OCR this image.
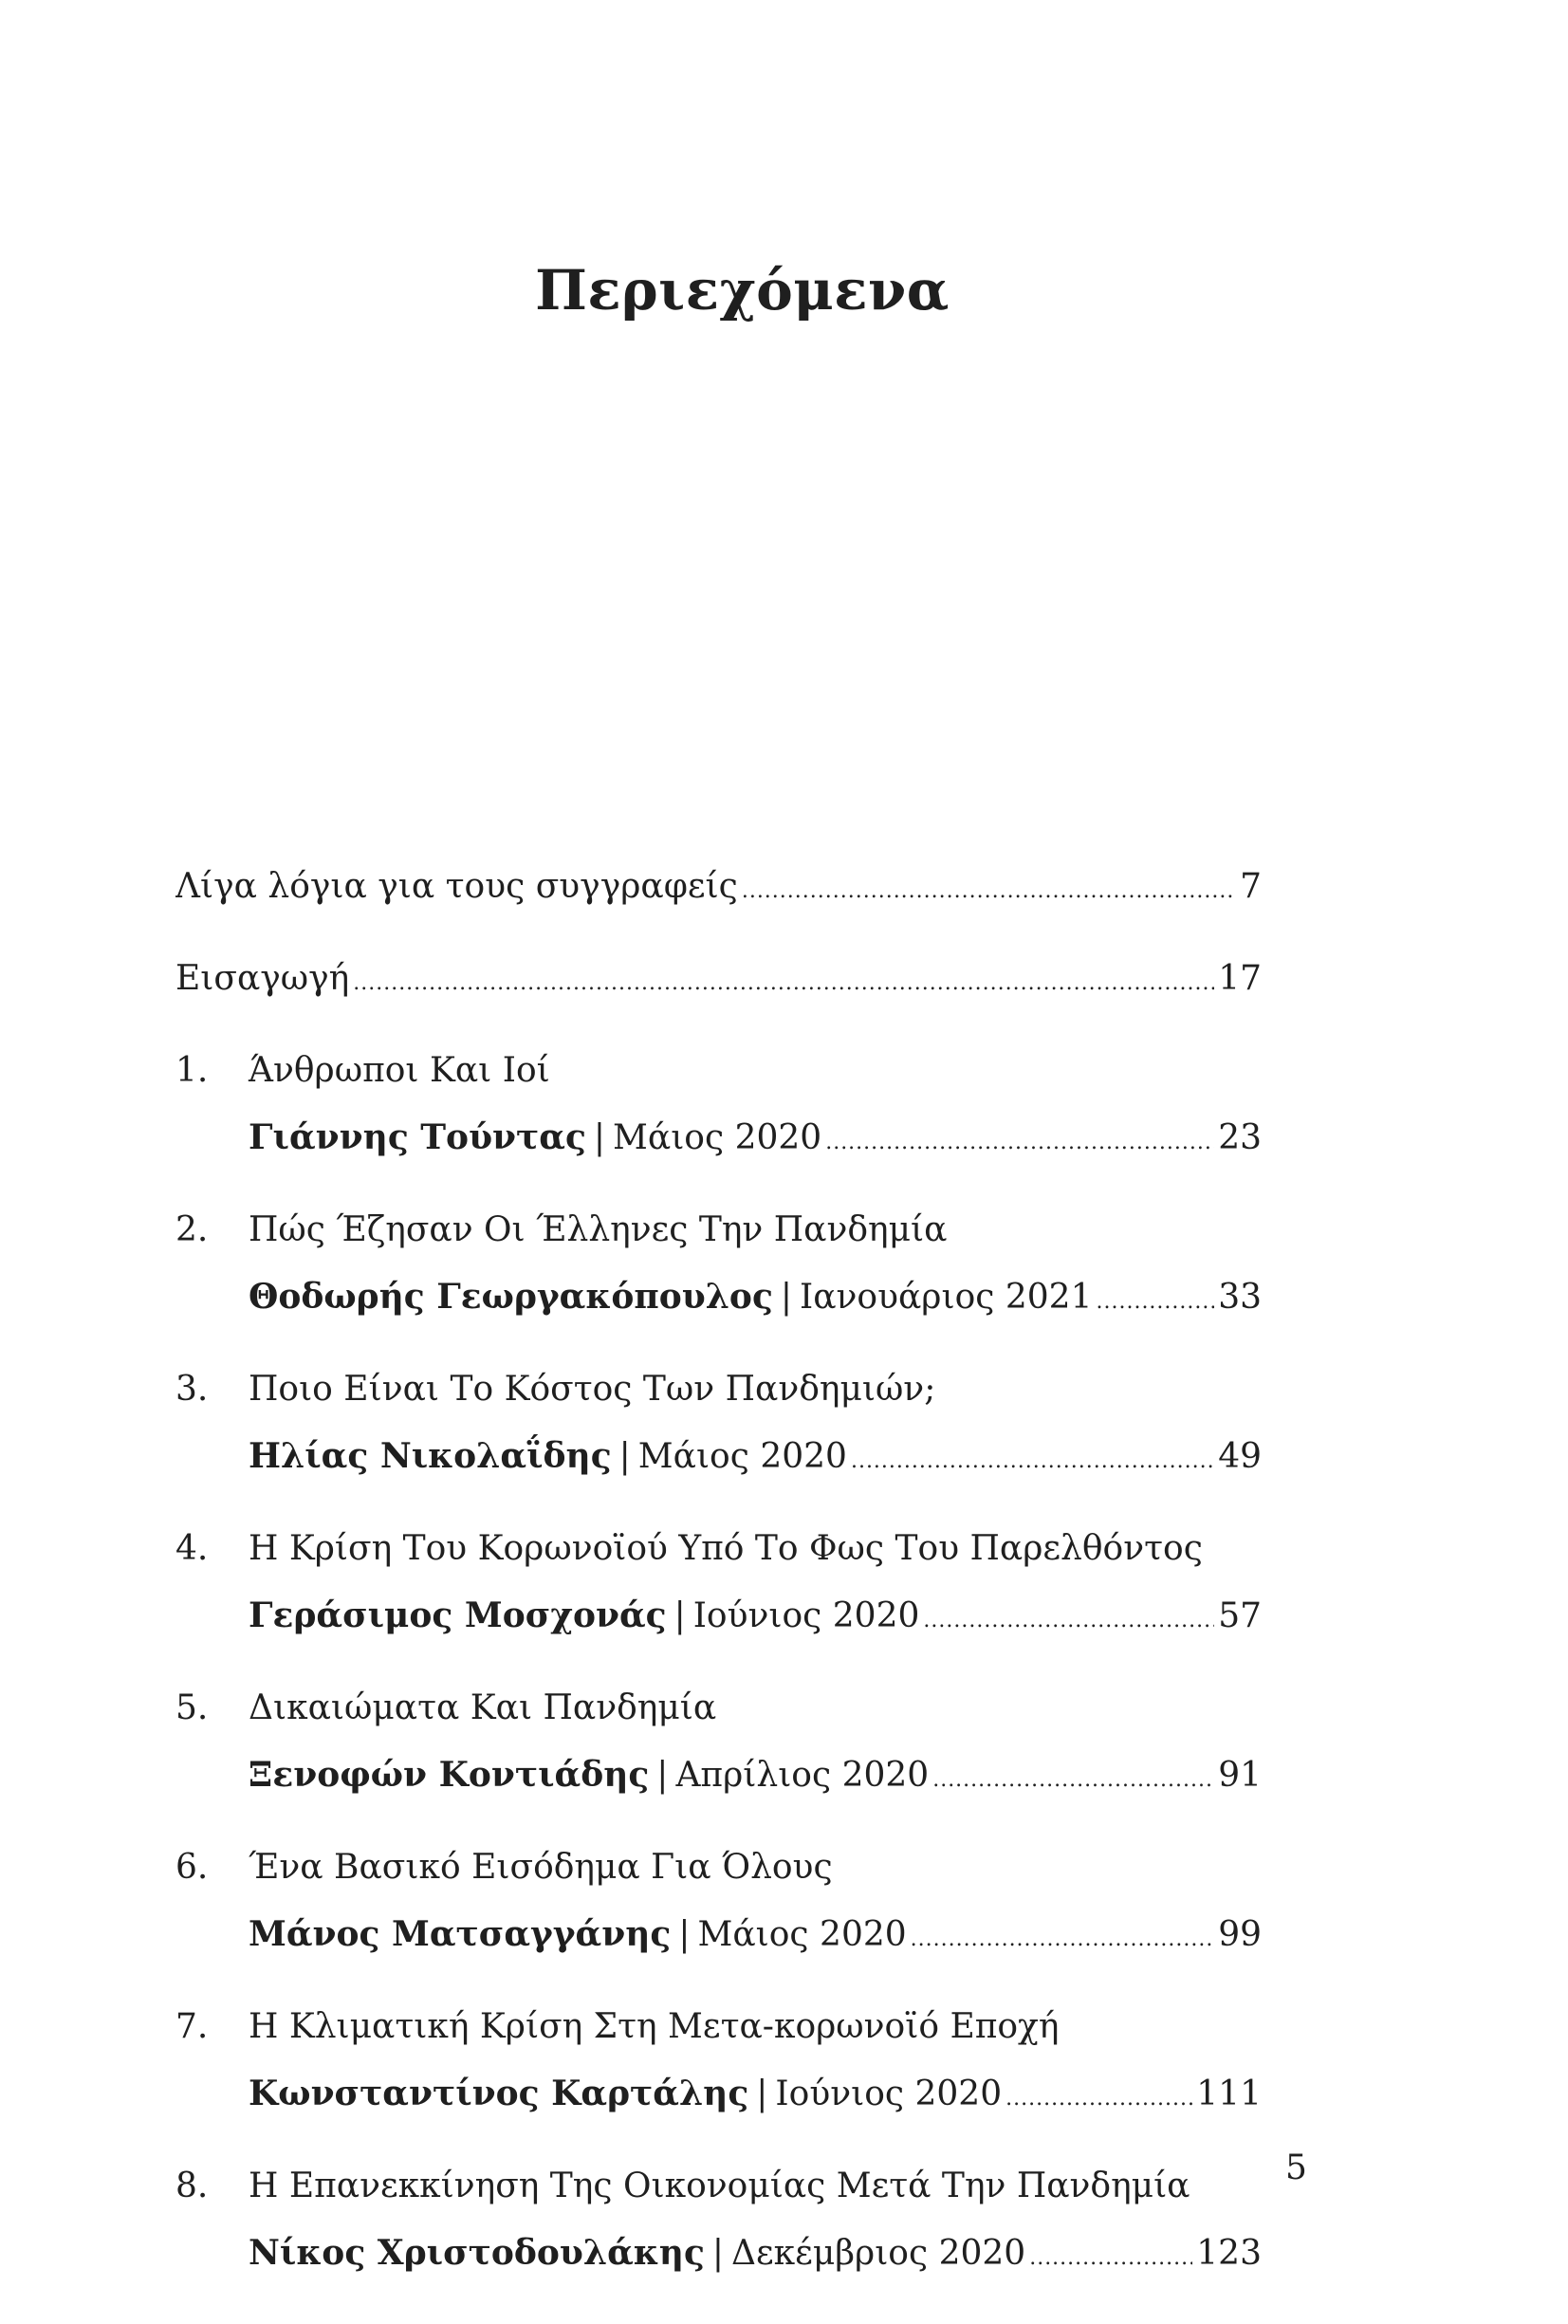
Περιεχόμενα
Λίγα λόγια για τους συγγραφείς .....	7
Εισαγωγή .....	17
1.	Άνθρωποι Και Ιοί
Γιάννης Τούντας | Μάιος 2020 .....	23
2.	Πώς Έζησαν Οι Έλληνες Την Πανδημία
Θοδωρής Γεωργακόπουλος | Ιανουάριος 2021 .....	33
3.	Ποιο Είναι Το Κόστος Των Πανδημιών;
Ηλίας Νικολαΐδης | Μάιος 2020 .....	49
4.	Η Κρίση Του Κορωνοϊού Υπό Το Φως Του Παρελθόντος
Γεράσιμος Μοσχονάς | Ιούνιος 2020 .....	57
5.	Δικαιώματα Και Πανδημία
Ξενοφών Κοντιάδης | Απρίλιος 2020 .....	91
6.	Ένα Βασικό Εισόδημα Για Όλους
Μάνος Ματσαγγάνης | Μάιος 2020 .....	99
7.	Η Κλιματική Κρίση Στη Μετα-κορωνοϊό Εποχή
Κωνσταντίνος Καρτάλης | Ιούνιος 2020 .....	111
8.	Η Επανεκκίνηση Της Οικονομίας Μετά Την Πανδημία
Νίκος Χριστοδουλάκης | Δεκέμβριος 2020 .....	123
5
